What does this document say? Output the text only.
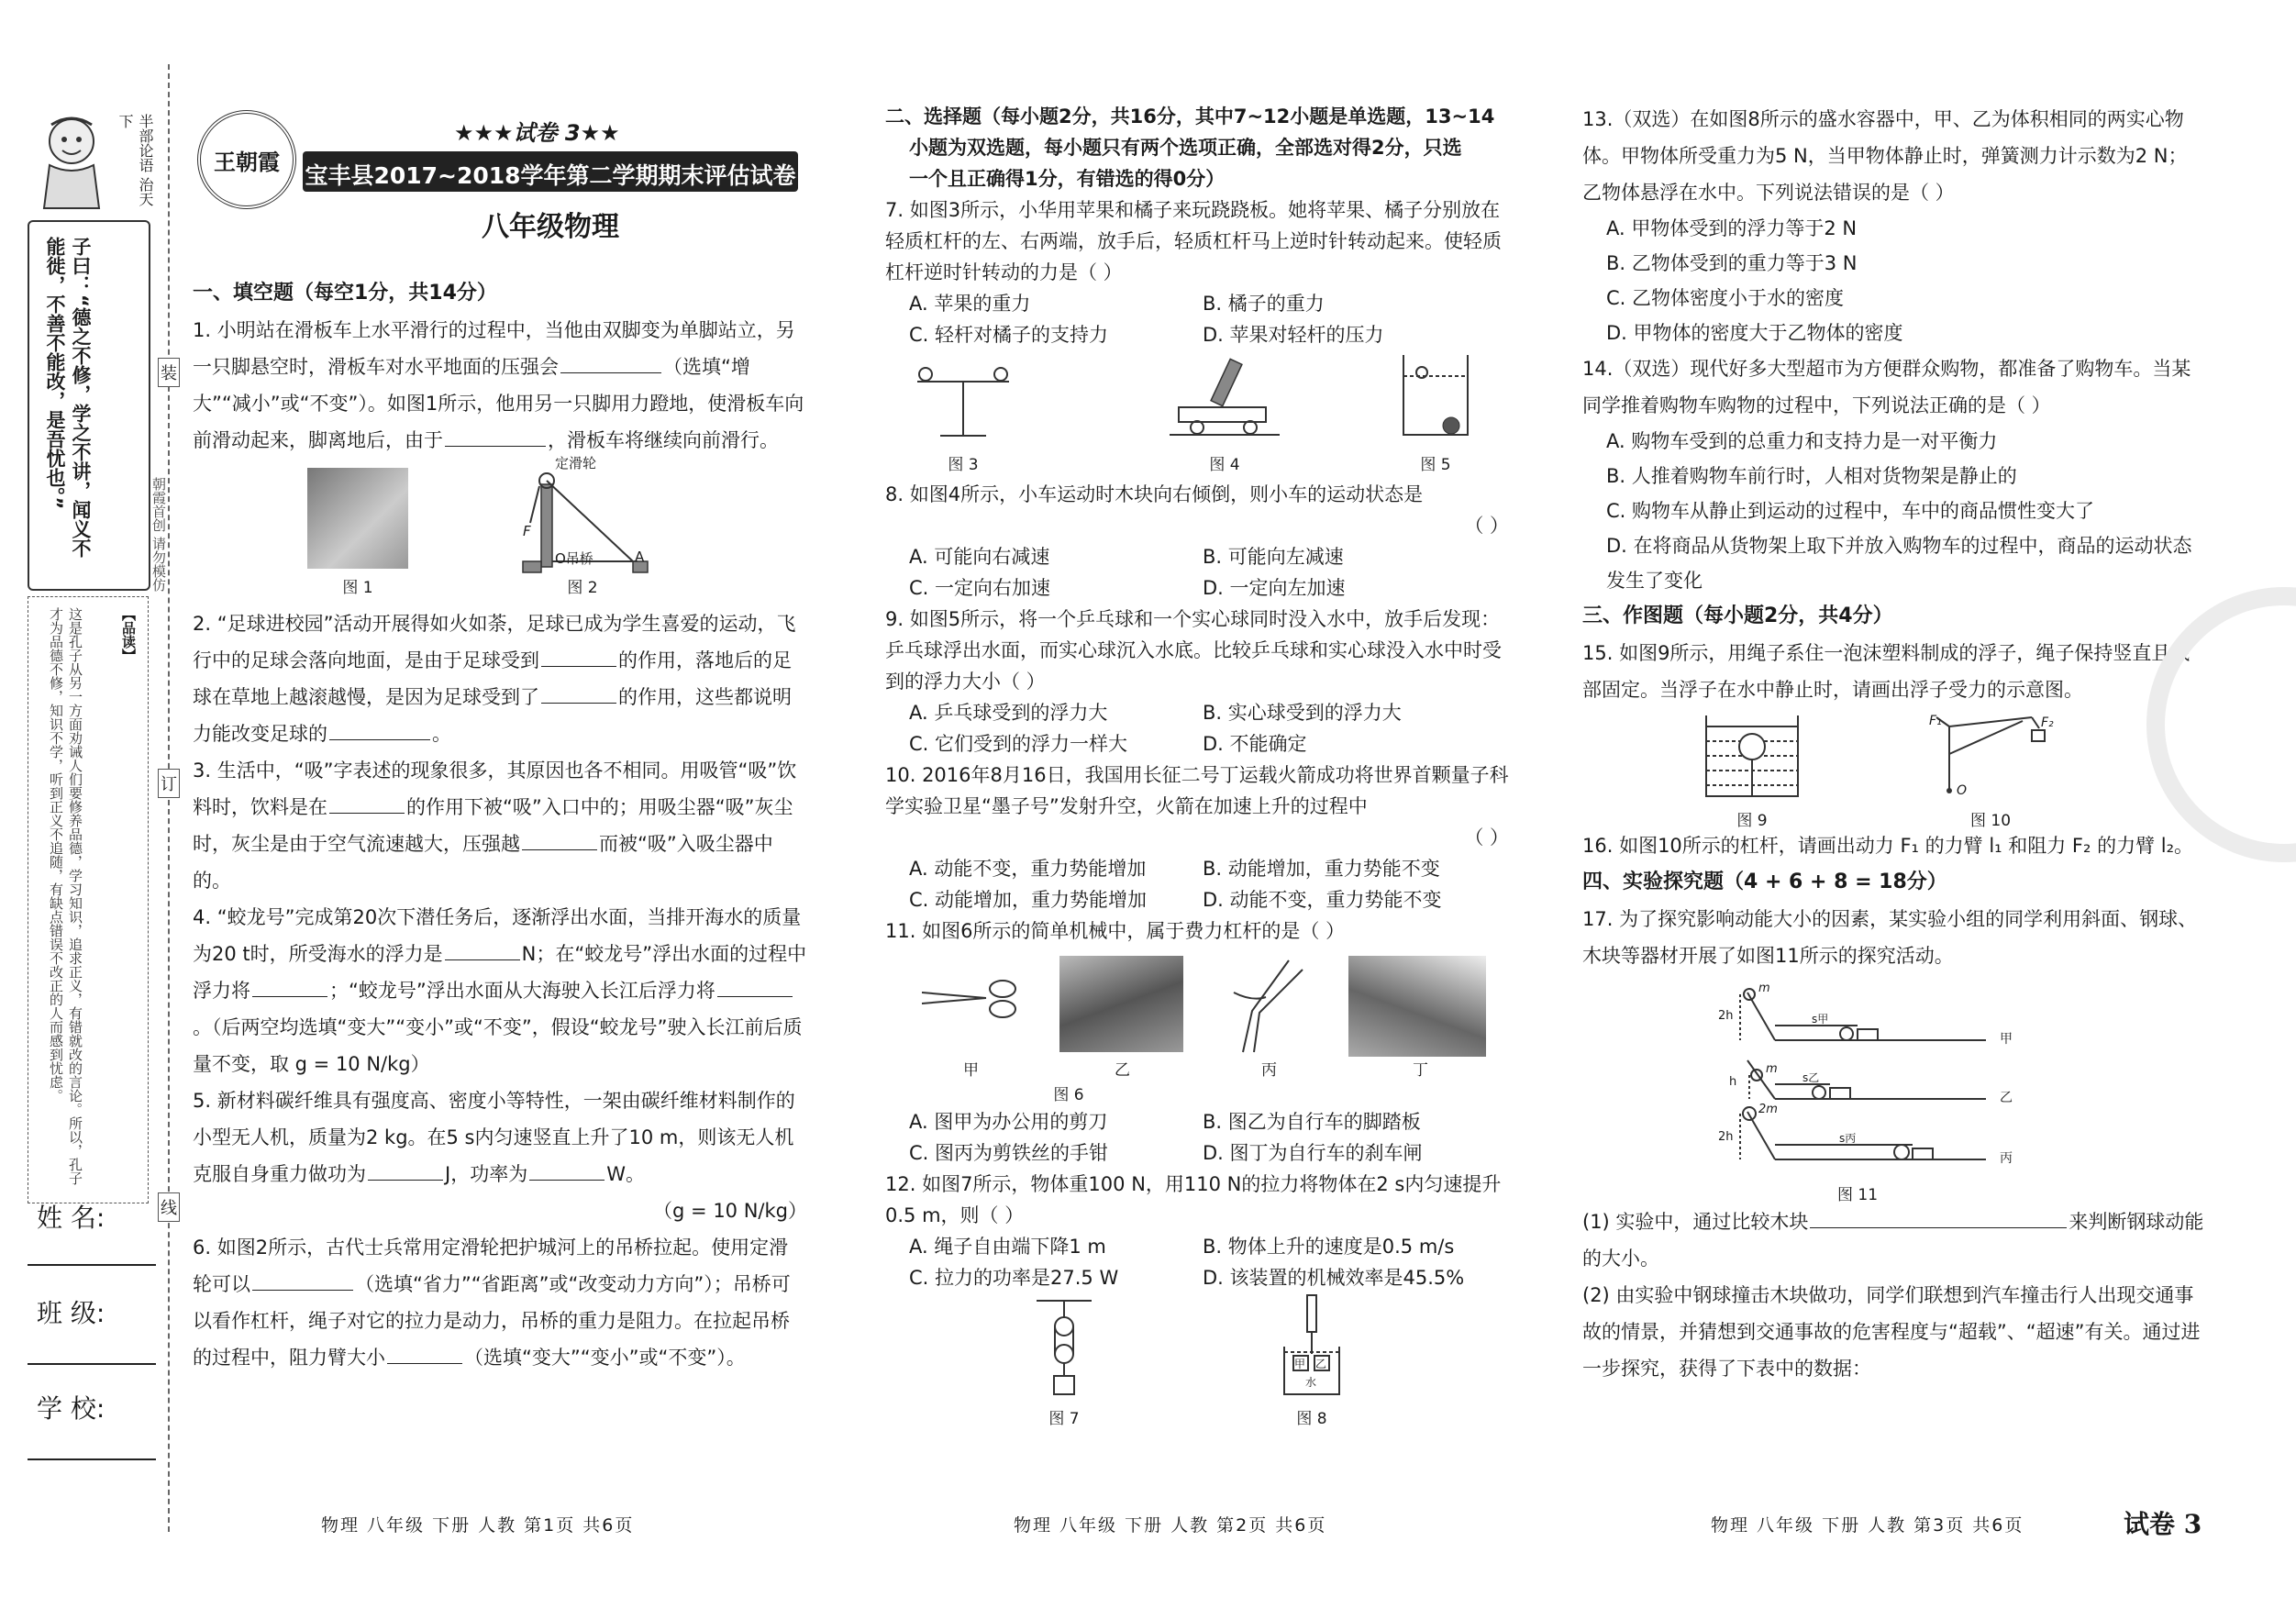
半部论语 治天下
子曰：“德之不修，学之不讲，闻义不能徙，不善不能改，是吾忧也。”
【品读】
这是孔子从另一方面劝诫人们要修养品德，学习知识，追求正义，有错就改的言论。所以，孔子才为品德不修，知识不学，听到正义不追随，有缺点错误不改正的人而感到忧虑。
姓 名:
班 级:
学 校:
装
订
线
朝霞首创 请勿模仿
王朝霞
★★★试卷 3★★
宝丰县2017~2018学年第二学期期末评估试卷
八年级物理

一、填空题（每空1分，共14分）

1. 小明站在滑板车上水平滑行的过程中，当他由双脚变为单脚站立，另一只脚悬空时，滑板车对水平地面的压强会	（选填“增大”“减小”或“不变”）。如图1所示，他用另一只脚用力蹬地，使滑板车向前滑动起来，脚离地后，由于	，滑板车将继续向前滑行。
图 1
定滑轮
F
O吊桥	A
图 2
2. “足球进校园”活动开展得如火如荼，足球已成为学生喜爱的运动，飞行中的足球会落向地面，是由于足球受到	的作用，落地后的足球在草地上越滚越慢，是因为足球受到了	的作用，这些都说明力能改变足球的	。
3. 生活中，“吸”字表述的现象很多，其原因也各不相同。用吸管“吸”饮料时，饮料是在	的作用下被“吸”入口中的；用吸尘器“吸”灰尘时，灰尘是由于空气流速越大，压强越	而被“吸”入吸尘器中的。
4. “蛟龙号”完成第20次下潜任务后，逐渐浮出水面，当排开海水的质量为20 t时，所受海水的浮力是	N；在“蛟龙号”浮出水面的过程中浮力将	；“蛟龙号”浮出水面从大海驶入长江后浮力将。（后两空均选填“变大”“变小”或“不变”，假设“蛟龙号”驶入长江前后质量不变，取 g = 10 N/kg）
5. 新材料碳纤维具有强度高、密度小等特性，一架由碳纤维材料制作的小型无人机，质量为2 kg。在5 s内匀速竖直上升了10 m，则该无人机克服自身重力做功为	J，功率为	W。

（g = 10 N/kg）

6. 如图2所示，古代士兵常用定滑轮把护城河上的吊桥拉起。使用定滑轮可以	（选填“省力”“省距离”或“改变动力方向”）；吊桥可以看作杠杆，绳子对它的拉力是动力，吊桥的重力是阻力。在拉起吊桥的过程中，阻力臂大小	（选填“变大”“变小”或“不变”）。
物理 八年级 下册 人教 第1页 共6页

二、选择题（每小题2分，共16分，其中7~12小题是单选题，13~14

小题为双选题，每小题只有两个选项正确，全部选对得2分，只选

一个且正确得1分，有错选的得0分）

7. 如图3所示，小华用苹果和橘子来玩跷跷板。她将苹果、橘子分别放在轻质杠杆的左、右两端，放手后，轻质杠杆马上逆时针转动起来。使轻质杠杆逆时针转动的力是（ ）

A. 苹果的重力	B. 橘子的重力
C. 轻杆对橘子的支持力	D. 苹果对轻杆的压力
图 3	图 4	图 5
8. 如图4所示，小车运动时木块向右倾倒，则小车的运动状态是

（ ）

A. 可能向右减速	B. 可能向左减速
C. 一定向右加速	D. 一定向左加速

9. 如图5所示，将一个乒乓球和一个实心球同时没入水中，放手后发现：乒乓球浮出水面，而实心球沉入水底。比较乒乓球和实心球没入水中时受到的浮力大小（ ）

A. 乒乓球受到的浮力大	B. 实心球受到的浮力大
C. 它们受到的浮力一样大	D. 不能确定

10. 2016年8月16日，我国用长征二号丁运载火箭成功将世界首颗量子科学实验卫星“墨子号”发射升空，火箭在加速上升的过程中

（ ）

A. 动能不变，重力势能增加	B. 动能增加，重力势能不变
C. 动能增加，重力势能增加	D. 动能不变，重力势能不变

11. 如图6所示的简单机械中，属于费力杠杆的是（ ）

甲	乙	丙	丁

图 6

A. 图甲为办公用的剪刀	B. 图乙为自行车的脚踏板
C. 图丙为剪铁丝的手钳	D. 图丁为自行车的刹车闸

12. 如图7所示，物体重100 N，用110 N的拉力将物体在2 s内匀速提升0.5 m，则（ ）

A. 绳子自由端下降1 m	B. 物体上升的速度是0.5 m/s
C. 拉力的功率是27.5 W	D. 该装置的机械效率是45.5%
图 7
甲 乙
水
图 8
物理 八年级 下册 人教 第2页 共6页

13.（双选）在如图8所示的盛水容器中，甲、乙为体积相同的两实心物体。甲物体所受重力为5 N，当甲物体静止时，弹簧测力计示数为2 N；乙物体悬浮在水中。下列说法错误的是（ ）

A. 甲物体受到的浮力等于2 N
B. 乙物体受到的重力等于3 N
C. 乙物体密度小于水的密度
D. 甲物体的密度大于乙物体的密度

14.（双选）现代好多大型超市为方便群众购物，都准备了购物车。当某同学推着购物车购物的过程中，下列说法正确的是（ ）

A. 购物车受到的总重力和支持力是一对平衡力
B. 人推着购物车前行时，人相对货物架是静止的
C. 购物车从静止到运动的过程中，车中的商品惯性变大了
D. 在将商品从货物架上取下并放入购物车的过程中，商品的运动状态发生了变化

三、作图题（每小题2分，共4分）

15. 如图9所示，用绳子系住一泡沫塑料制成的浮子，绳子保持竖直且底部固定。当浮子在水中静止时，请画出浮子受力的示意图。

图 9
F₁	F₂
O
图 10

16. 如图10所示的杠杆，请画出动力 F₁ 的力臂 l₁ 和阻力 F₂ 的力臂 l₂。

四、实验探究题（4 + 6 + 8 = 18分）

17. 为了探究影响动能大小的因素，某实验小组的同学利用斜面、钢球、木块等器材开展了如图11所示的探究活动。

m
2h	s甲
甲
m
h	s乙
乙
2m
2h	s丙
丙
图 11
(1) 实验中，通过比较木块	来判断钢球动能的大小。

(2) 由实验中钢球撞击木块做功，同学们联想到汽车撞击行人出现交通事故的情景，并猜想到交通事故的危害程度与“超载”、“超速”有关。通过进一步探究，获得了下表中的数据：

物理 八年级 下册 人教 第3页 共6页	试卷 3
